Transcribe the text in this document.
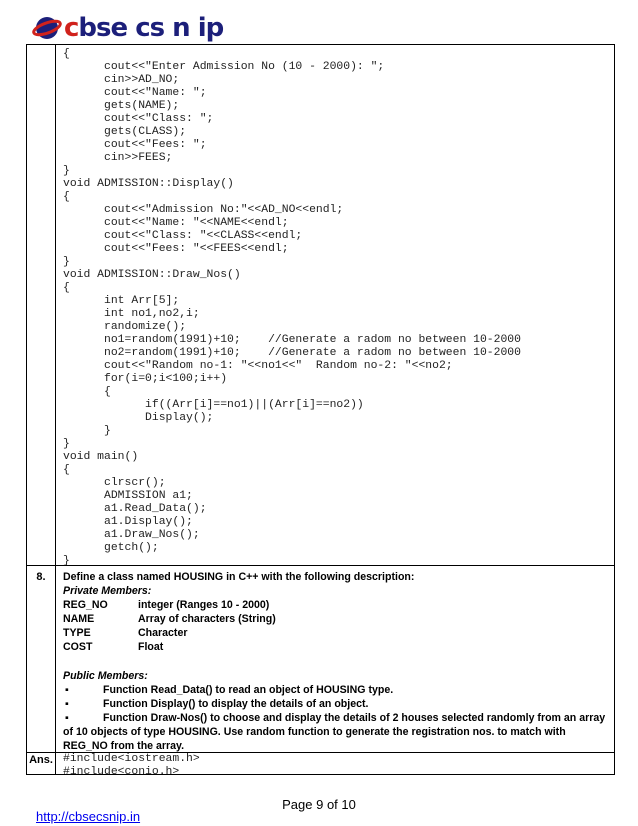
cbse cs n ip
{
cout<<"Enter Admission No (10 - 2000): ";
cin>>AD_NO;
cout<<"Name: ";
gets(NAME);
cout<<"Class: ";
gets(CLASS);
cout<<"Fees: ";
cin>>FEES;
}
void ADMISSION::Display()
{
cout<<"Admission No:"<<AD_NO<<endl;
cout<<"Name: "<<NAME<<endl;
cout<<"Class: "<<CLASS<<endl;
cout<<"Fees: "<<FEES<<endl;
}
void ADMISSION::Draw_Nos()
{
int Arr[5];
int no1,no2,i;
randomize();
no1=random(1991)+10;    //Generate a radom no between 10-2000
no2=random(1991)+10;    //Generate a radom no between 10-2000
cout<<"Random no-1: "<<no1<<"  Random no-2: "<<no2;
for(i=0;i<100;i++)
{
if((Arr[i]==no1)||(Arr[i]==no2))
Display();
}
}
void main()
{
clrscr();
ADMISSION a1;
a1.Read_Data();
a1.Display();
a1.Draw_Nos();
getch();
}
8.	Define a class named HOUSING in C++ with the following description:
Private Members:
REG_NO	integer (Ranges 10 - 2000)
NAME	Array of characters (String)
TYPE	Character
COST	Float
Public Members:
▪	Function Read_Data() to read an object of HOUSING type.
▪	Function Display() to display the details of an object.
▪	Function Draw-Nos() to choose and display the details of 2 houses selected randomly from an array of 10 objects of type HOUSING. Use random function to generate the registration nos. to match with REG_NO from the array.
Ans. #include<iostream.h>
#include<conio.h>
Page 9 of 10
http://cbsecsnip.in
